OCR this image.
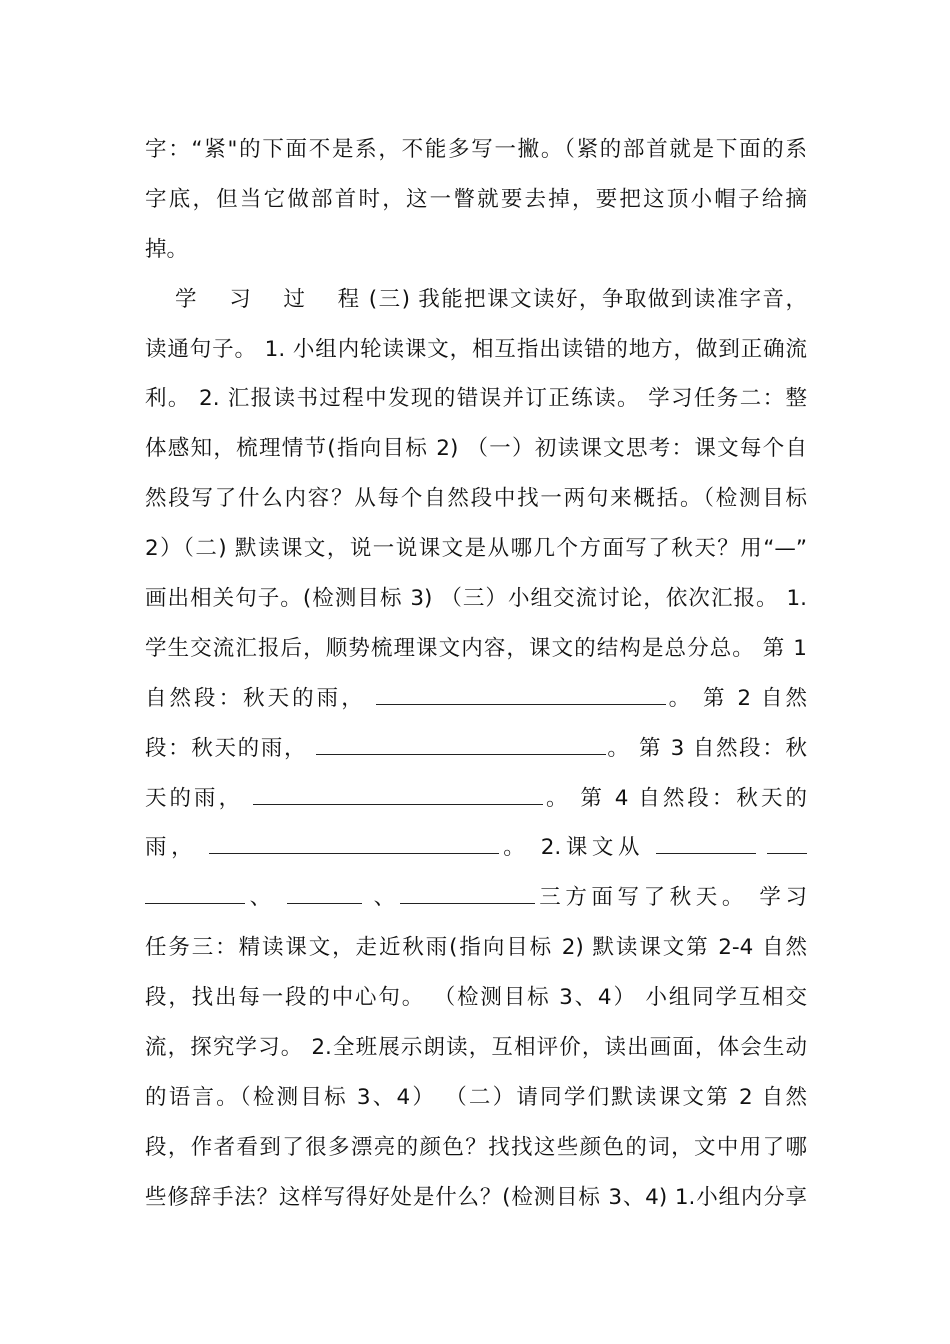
字：“紧"的下面不是系，不能多写一撇。（紧的部首就是下面的系
字底，但当它做部首时，这一瞥就要去掉，要把这顶小帽子给摘
掉。
学　 习　 过　 程 (三) 我能把课文读好，争取做到读准字音，
读通句子。 1. 小组内轮读课文，相互指出读错的地方，做到正确流
利。 2. 汇报读书过程中发现的错误并订正练读。 学习任务二：整
体感知，梳理情节(指向目标 2) （一）初读课文思考：课文每个自
然段写了什么内容？从每个自然段中找一两句来概括。（检测目标
2）（二) 默读课文，说一说课文是从哪几个方面写了秋天？用“—”
画出相关句子。(检测目标 3) （三）小组交流讨论，依次汇报。 1.
学生交流汇报后，顺势梳理课文内容，课文的结构是总分总。 第 1
自然段：秋天的雨，	。 第 2 自然
段：秋天的雨，	。 第 3 自然段：秋
天的雨，	。 第 4 自然段：秋天的
雨，	。 2.课文从
、	、	三方面写了秋天。 学习
任务三：精读课文，走近秋雨(指向目标 2) 默读课文第 2-4 自然
段，找出每一段的中心句。 （检测目标 3、4） 小组同学互相交
流，探究学习。 2.全班展示朗读，互相评价，读出画面，体会生动
的语言。（检测目标 3、4） （二）请同学们默读课文第 2 自然
段，作者看到了很多漂亮的颜色？找找这些颜色的词，文中用了哪
些修辞手法？这样写得好处是什么？(检测目标 3、4) 1.小组内分享
